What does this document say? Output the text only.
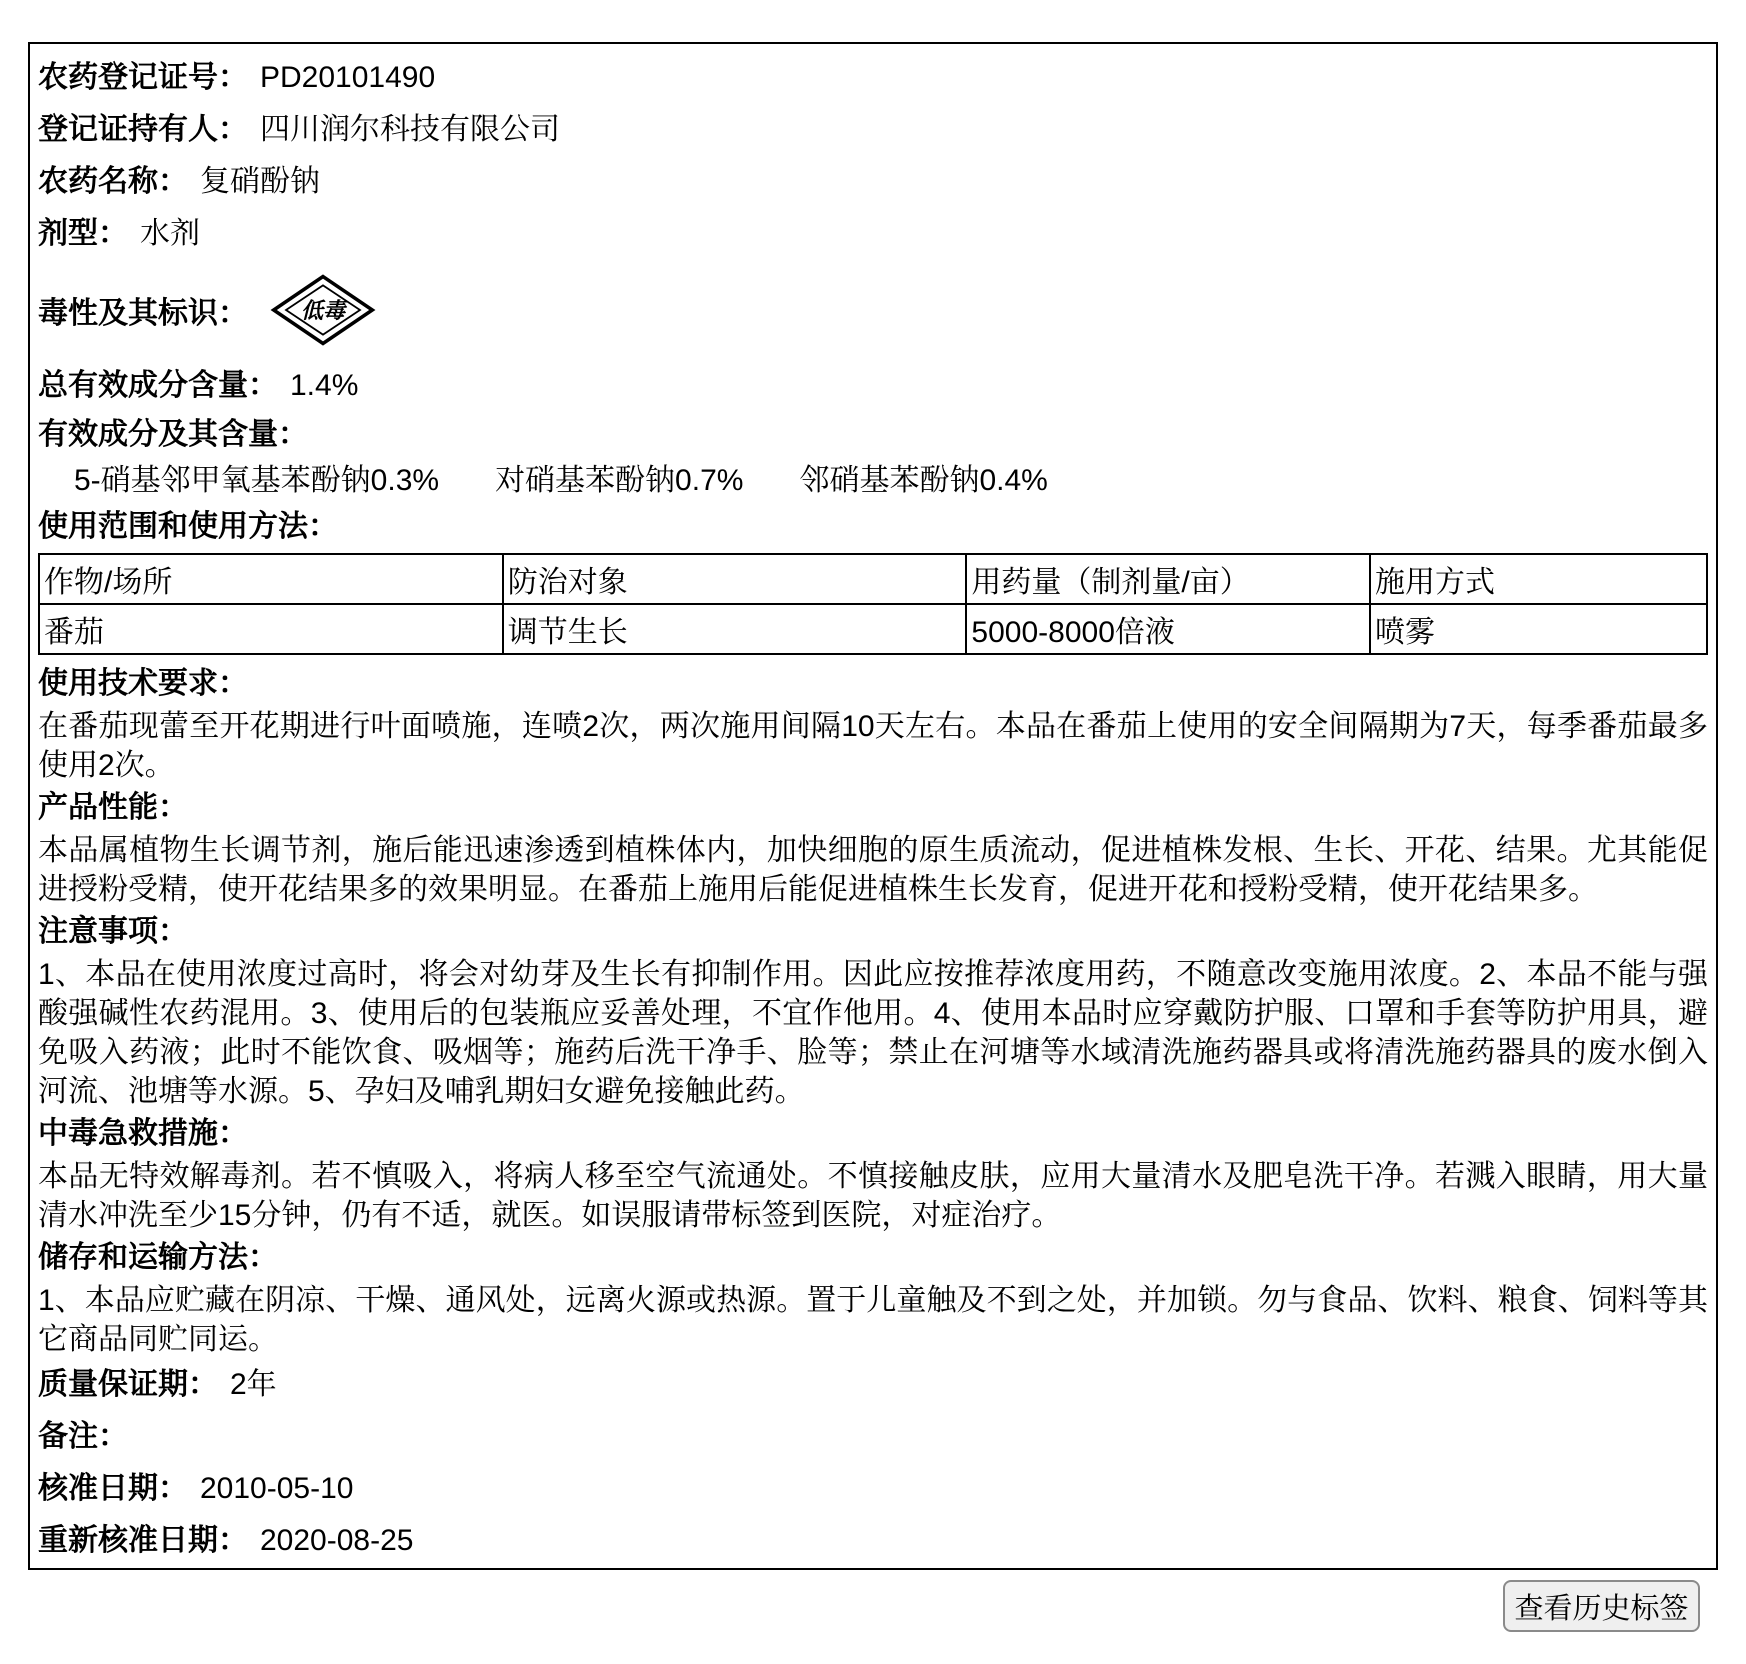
农药登记证号： PD20101490
登记证持有人： 四川润尔科技有限公司
农药名称： 复硝酚钠
剂型： 水剂
毒性及其标识： 低毒
总有效成分含量： 1.4%
有效成分及其含量：
5-硝基邻甲氧基苯酚钠0.3% 对硝基苯酚钠0.7% 邻硝基苯酚钠0.4%
使用范围和使用方法：
作物/场所	防治对象	用药量（制剂量/亩）	施用方式
番茄	调节生长	5000-8000倍液	喷雾
使用技术要求：
在番茄现蕾至开花期进行叶面喷施，连喷2次，两次施用间隔10天左右。本品在番茄上使用的安全间隔期为7天，每季番茄最多使用2次。
产品性能：
本品属植物生长调节剂，施后能迅速渗透到植株体内，加快细胞的原生质流动，促进植株发根、生长、开花、结果。尤其能促进授粉受精，使开花结果多的效果明显。在番茄上施用后能促进植株生长发育，促进开花和授粉受精，使开花结果多。
注意事项：
1、本品在使用浓度过高时，将会对幼芽及生长有抑制作用。因此应按推荐浓度用药，不随意改变施用浓度。2、本品不能与强酸强碱性农药混用。3、使用后的包装瓶应妥善处理，不宜作他用。4、使用本品时应穿戴防护服、口罩和手套等防护用具，避免吸入药液；此时不能饮食、吸烟等；施药后洗干净手、脸等；禁止在河塘等水域清洗施药器具或将清洗施药器具的废水倒入河流、池塘等水源。5、孕妇及哺乳期妇女避免接触此药。
中毒急救措施：
本品无特效解毒剂。若不慎吸入，将病人移至空气流通处。不慎接触皮肤，应用大量清水及肥皂洗干净。若溅入眼睛，用大量清水冲洗至少15分钟，仍有不适，就医。如误服请带标签到医院，对症治疗。
储存和运输方法：
1、本品应贮藏在阴凉、干燥、通风处，远离火源或热源。置于儿童触及不到之处，并加锁。勿与食品、饮料、粮食、饲料等其它商品同贮同运。
质量保证期： 2年
备注：
核准日期： 2010-05-10
重新核准日期： 2020-08-25
查看历史标签
